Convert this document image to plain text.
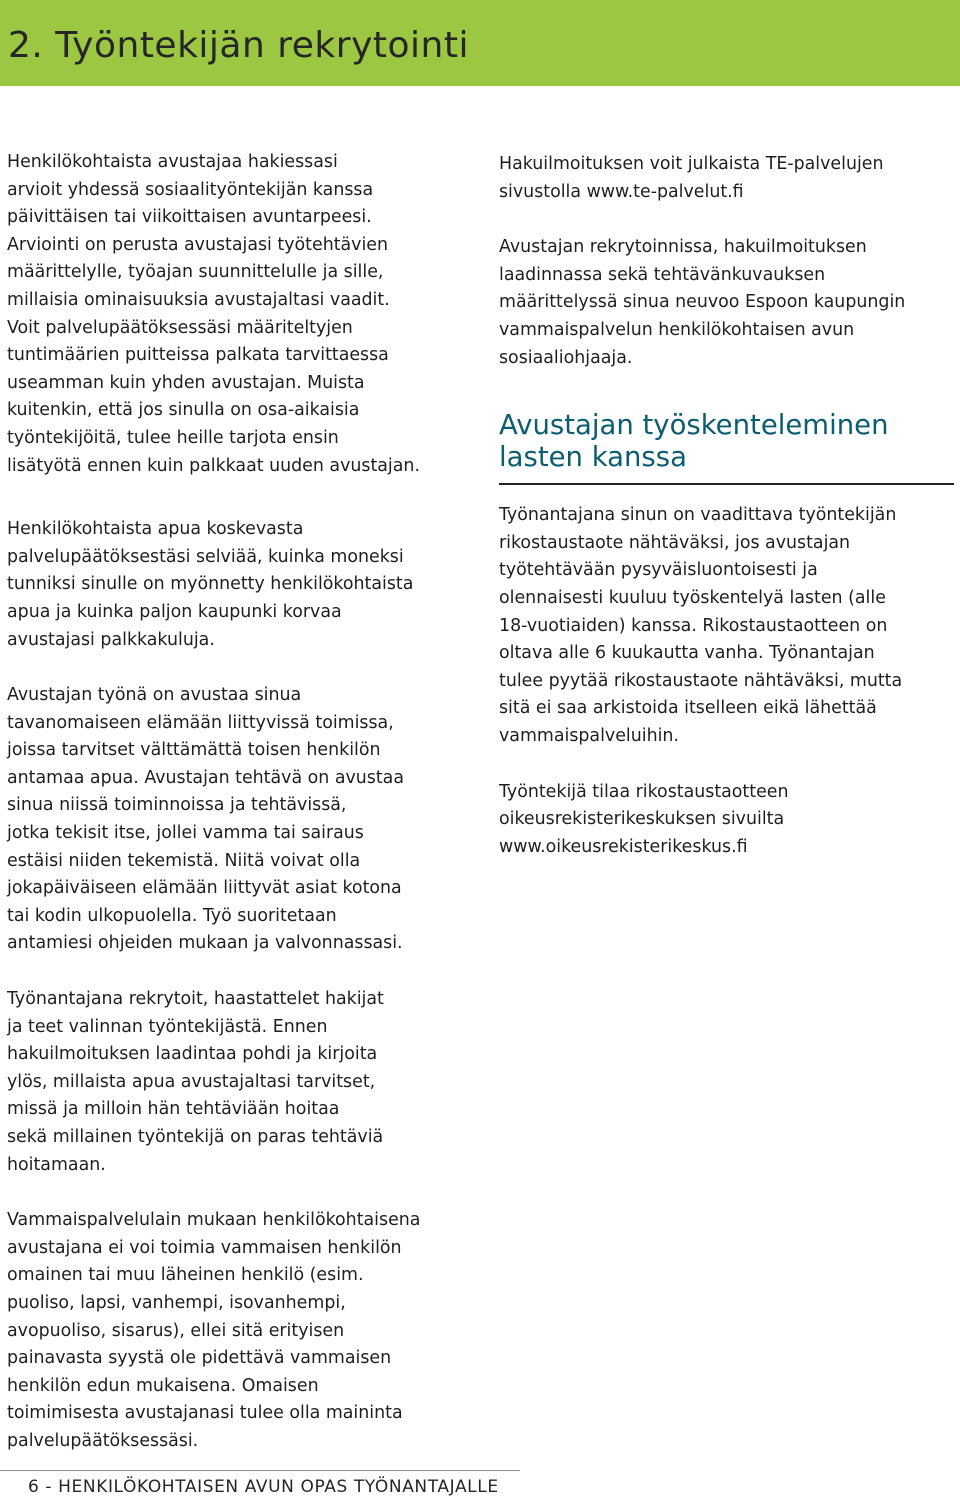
2. Työntekijän rekrytointi

Henkilökohtaista avustajaa hakiessasi
arvioit yhdessä sosiaalityöntekijän kanssa
päivittäisen tai viikoittaisen avuntarpeesi.
Arviointi on perusta avustajasi työtehtävien
määrittelylle, työajan suunnittelulle ja sille,
millaisia ominaisuuksia avustajaltasi vaadit.
Voit palvelupäätöksessäsi määriteltyjen
tuntimäärien puitteissa palkata tarvittaessa
useamman kuin yhden avustajan. Muista
kuitenkin, että jos sinulla on osa-aikaisia
työntekijöitä, tulee heille tarjota ensin
lisätyötä ennen kuin palkkaat uuden avustajan.

Henkilökohtaista apua koskevasta
palvelupäätöksestäsi selviää, kuinka moneksi
tunniksi sinulle on myönnetty henkilökohtaista
apua ja kuinka paljon kaupunki korvaa
avustajasi palkkakuluja.

Avustajan työnä on avustaa sinua
tavanomaiseen elämään liittyvissä toimissa,
joissa tarvitset välttämättä toisen henkilön
antamaa apua. Avustajan tehtävä on avustaa
sinua niissä toiminnoissa ja tehtävissä,
jotka tekisit itse, jollei vamma tai sairaus
estäisi niiden tekemistä. Niitä voivat olla
jokapäiväiseen elämään liittyvät asiat kotona
tai kodin ulkopuolella. Työ suoritetaan
antamiesi ohjeiden mukaan ja valvonnassasi.

Työnantajana rekrytoit, haastattelet hakijat
ja teet valinnan työntekijästä. Ennen
hakuilmoituksen laadintaa pohdi ja kirjoita
ylös, millaista apua avustajaltasi tarvitset,
missä ja milloin hän tehtäviään hoitaa
sekä millainen työntekijä on paras tehtäviä
hoitamaan.

Vammaispalvelulain mukaan henkilökohtaisena
avustajana ei voi toimia vammaisen henkilön
omainen tai muu läheinen henkilö (esim.
puoliso, lapsi, vanhempi, isovanhempi,
avopuoliso, sisarus), ellei sitä erityisen
painavasta syystä ole pidettävä vammaisen
henkilön edun mukaisena. Omaisen
toimimisesta avustajanasi tulee olla maininta
palvelupäätöksessäsi.

Hakuilmoituksen voit julkaista TE-palvelujen
sivustolla www.te-palvelut.fi

Avustajan rekrytoinnissa, hakuilmoituksen
laadinnassa sekä tehtävänkuvauksen
määrittelyssä sinua neuvoo Espoon kaupungin
vammaispalvelun henkilökohtaisen avun
sosiaaliohjaaja.

Avustajan työskenteleminen
lasten kanssa

Työnantajana sinun on vaadittava työntekijän
rikostaustaote nähtäväksi, jos avustajan
työtehtävään pysyväisluontoisesti ja
olennaisesti kuuluu työskentelyä lasten (alle
18-vuotiaiden) kanssa. Rikostaustaotteen on
oltava alle 6 kuukautta vanha. Työnantajan
tulee pyytää rikostaustaote nähtäväksi, mutta
sitä ei saa arkistoida itselleen eikä lähettää
vammaispalveluihin.

Työntekijä tilaa rikostaustaotteen
oikeusrekisterikeskuksen sivuilta
www.oikeusrekisterikeskus.fi

6 - HENKILÖKOHTAISEN AVUN OPAS TYÖNANTAJALLE
